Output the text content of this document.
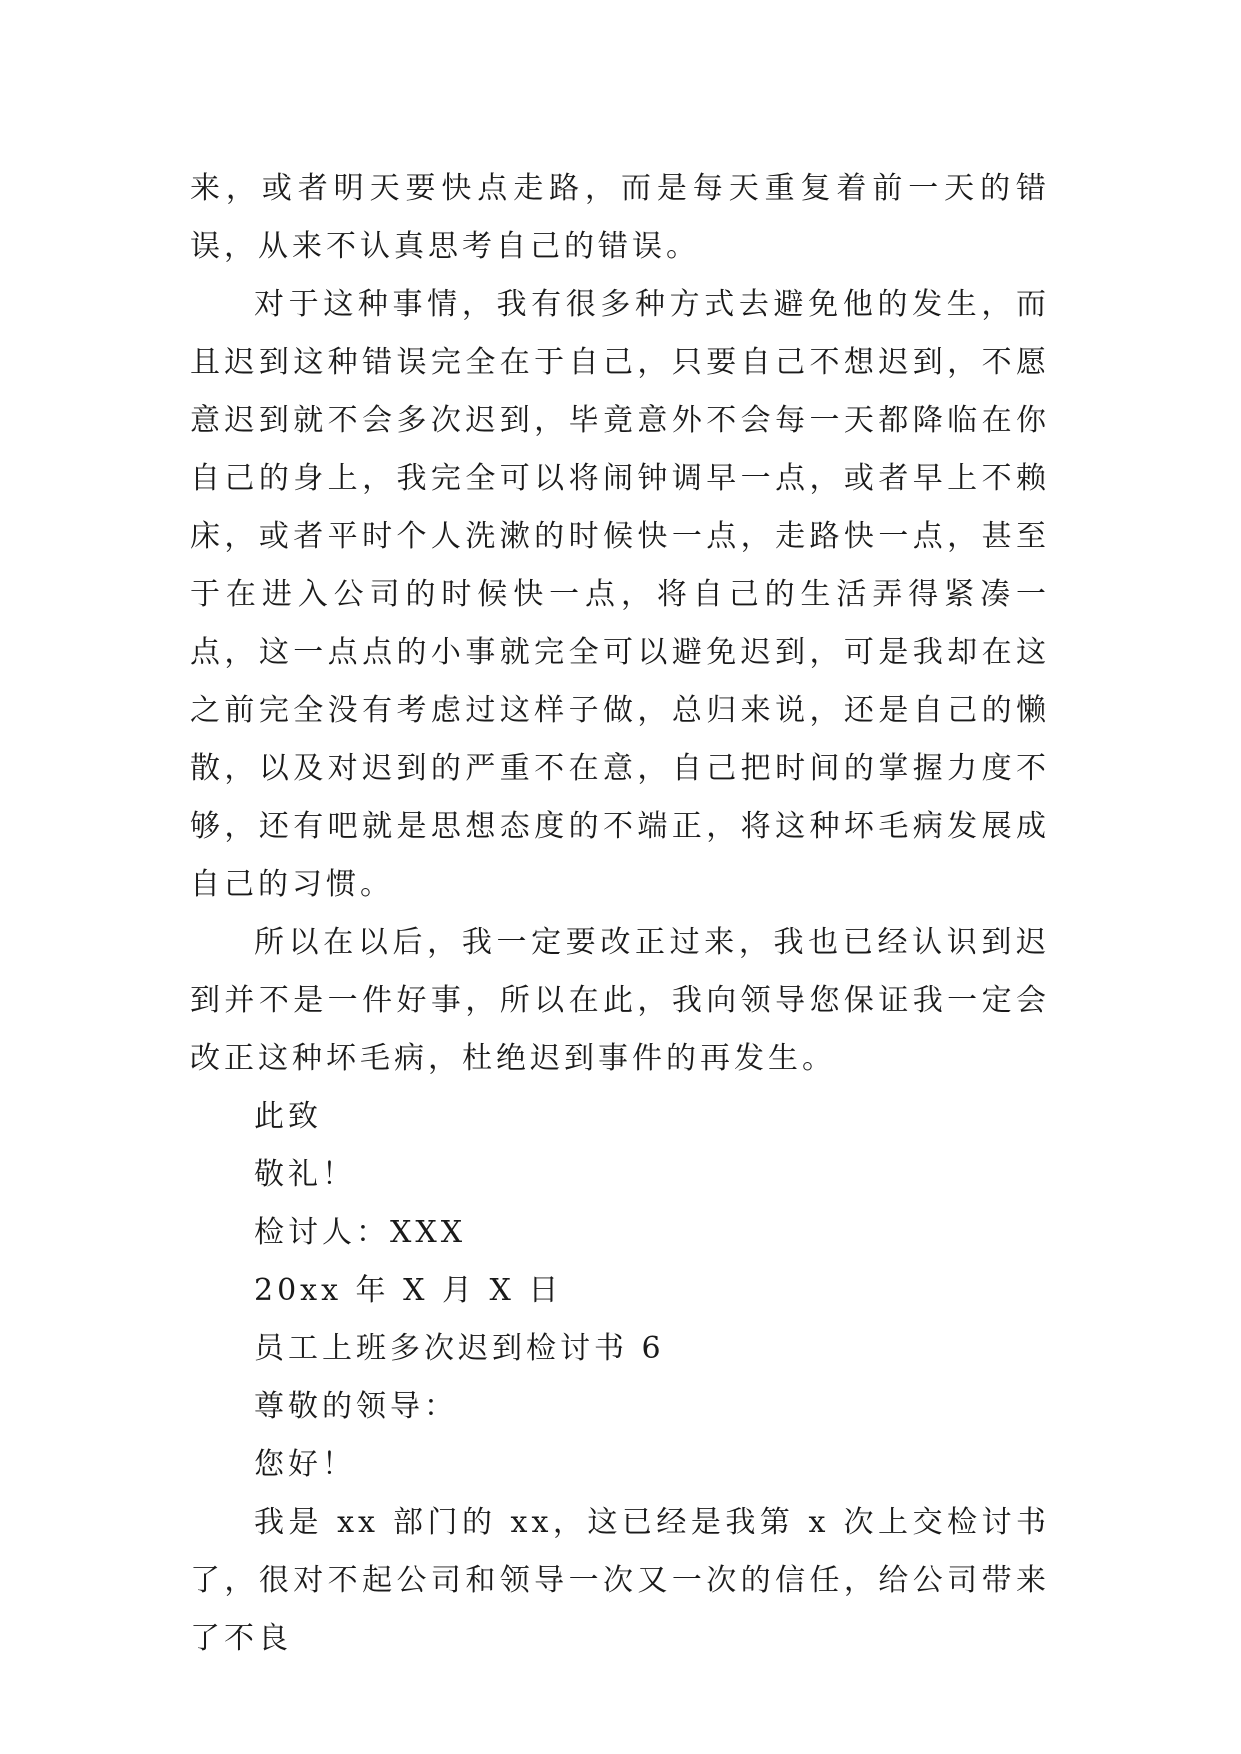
来，或者明天要快点走路，而是每天重复着前一天的错误，从来不认真思考自己的错误。

对于这种事情，我有很多种方式去避免他的发生，而且迟到这种错误完全在于自己，只要自己不想迟到，不愿意迟到就不会多次迟到，毕竟意外不会每一天都降临在你自己的身上，我完全可以将闹钟调早一点，或者早上不赖床，或者平时个人洗漱的时候快一点，走路快一点，甚至于在进入公司的时候快一点，将自己的生活弄得紧凑一点，这一点点的小事就完全可以避免迟到，可是我却在这之前完全没有考虑过这样子做，总归来说，还是自己的懒散，以及对迟到的严重不在意，自己把时间的掌握力度不够，还有吧就是思想态度的不端正，将这种坏毛病发展成自己的习惯。

所以在以后，我一定要改正过来，我也已经认识到迟到并不是一件好事，所以在此，我向领导您保证我一定会改正这种坏毛病，杜绝迟到事件的再发生。

此致

敬礼！

检讨人：XXX

20xx 年 X 月 X 日

员工上班多次迟到检讨书 6

尊敬的领导：

您好！

我是 xx 部门的 xx，这已经是我第 x 次上交检讨书了，很对不起公司和领导一次又一次的信任，给公司带来了不良
